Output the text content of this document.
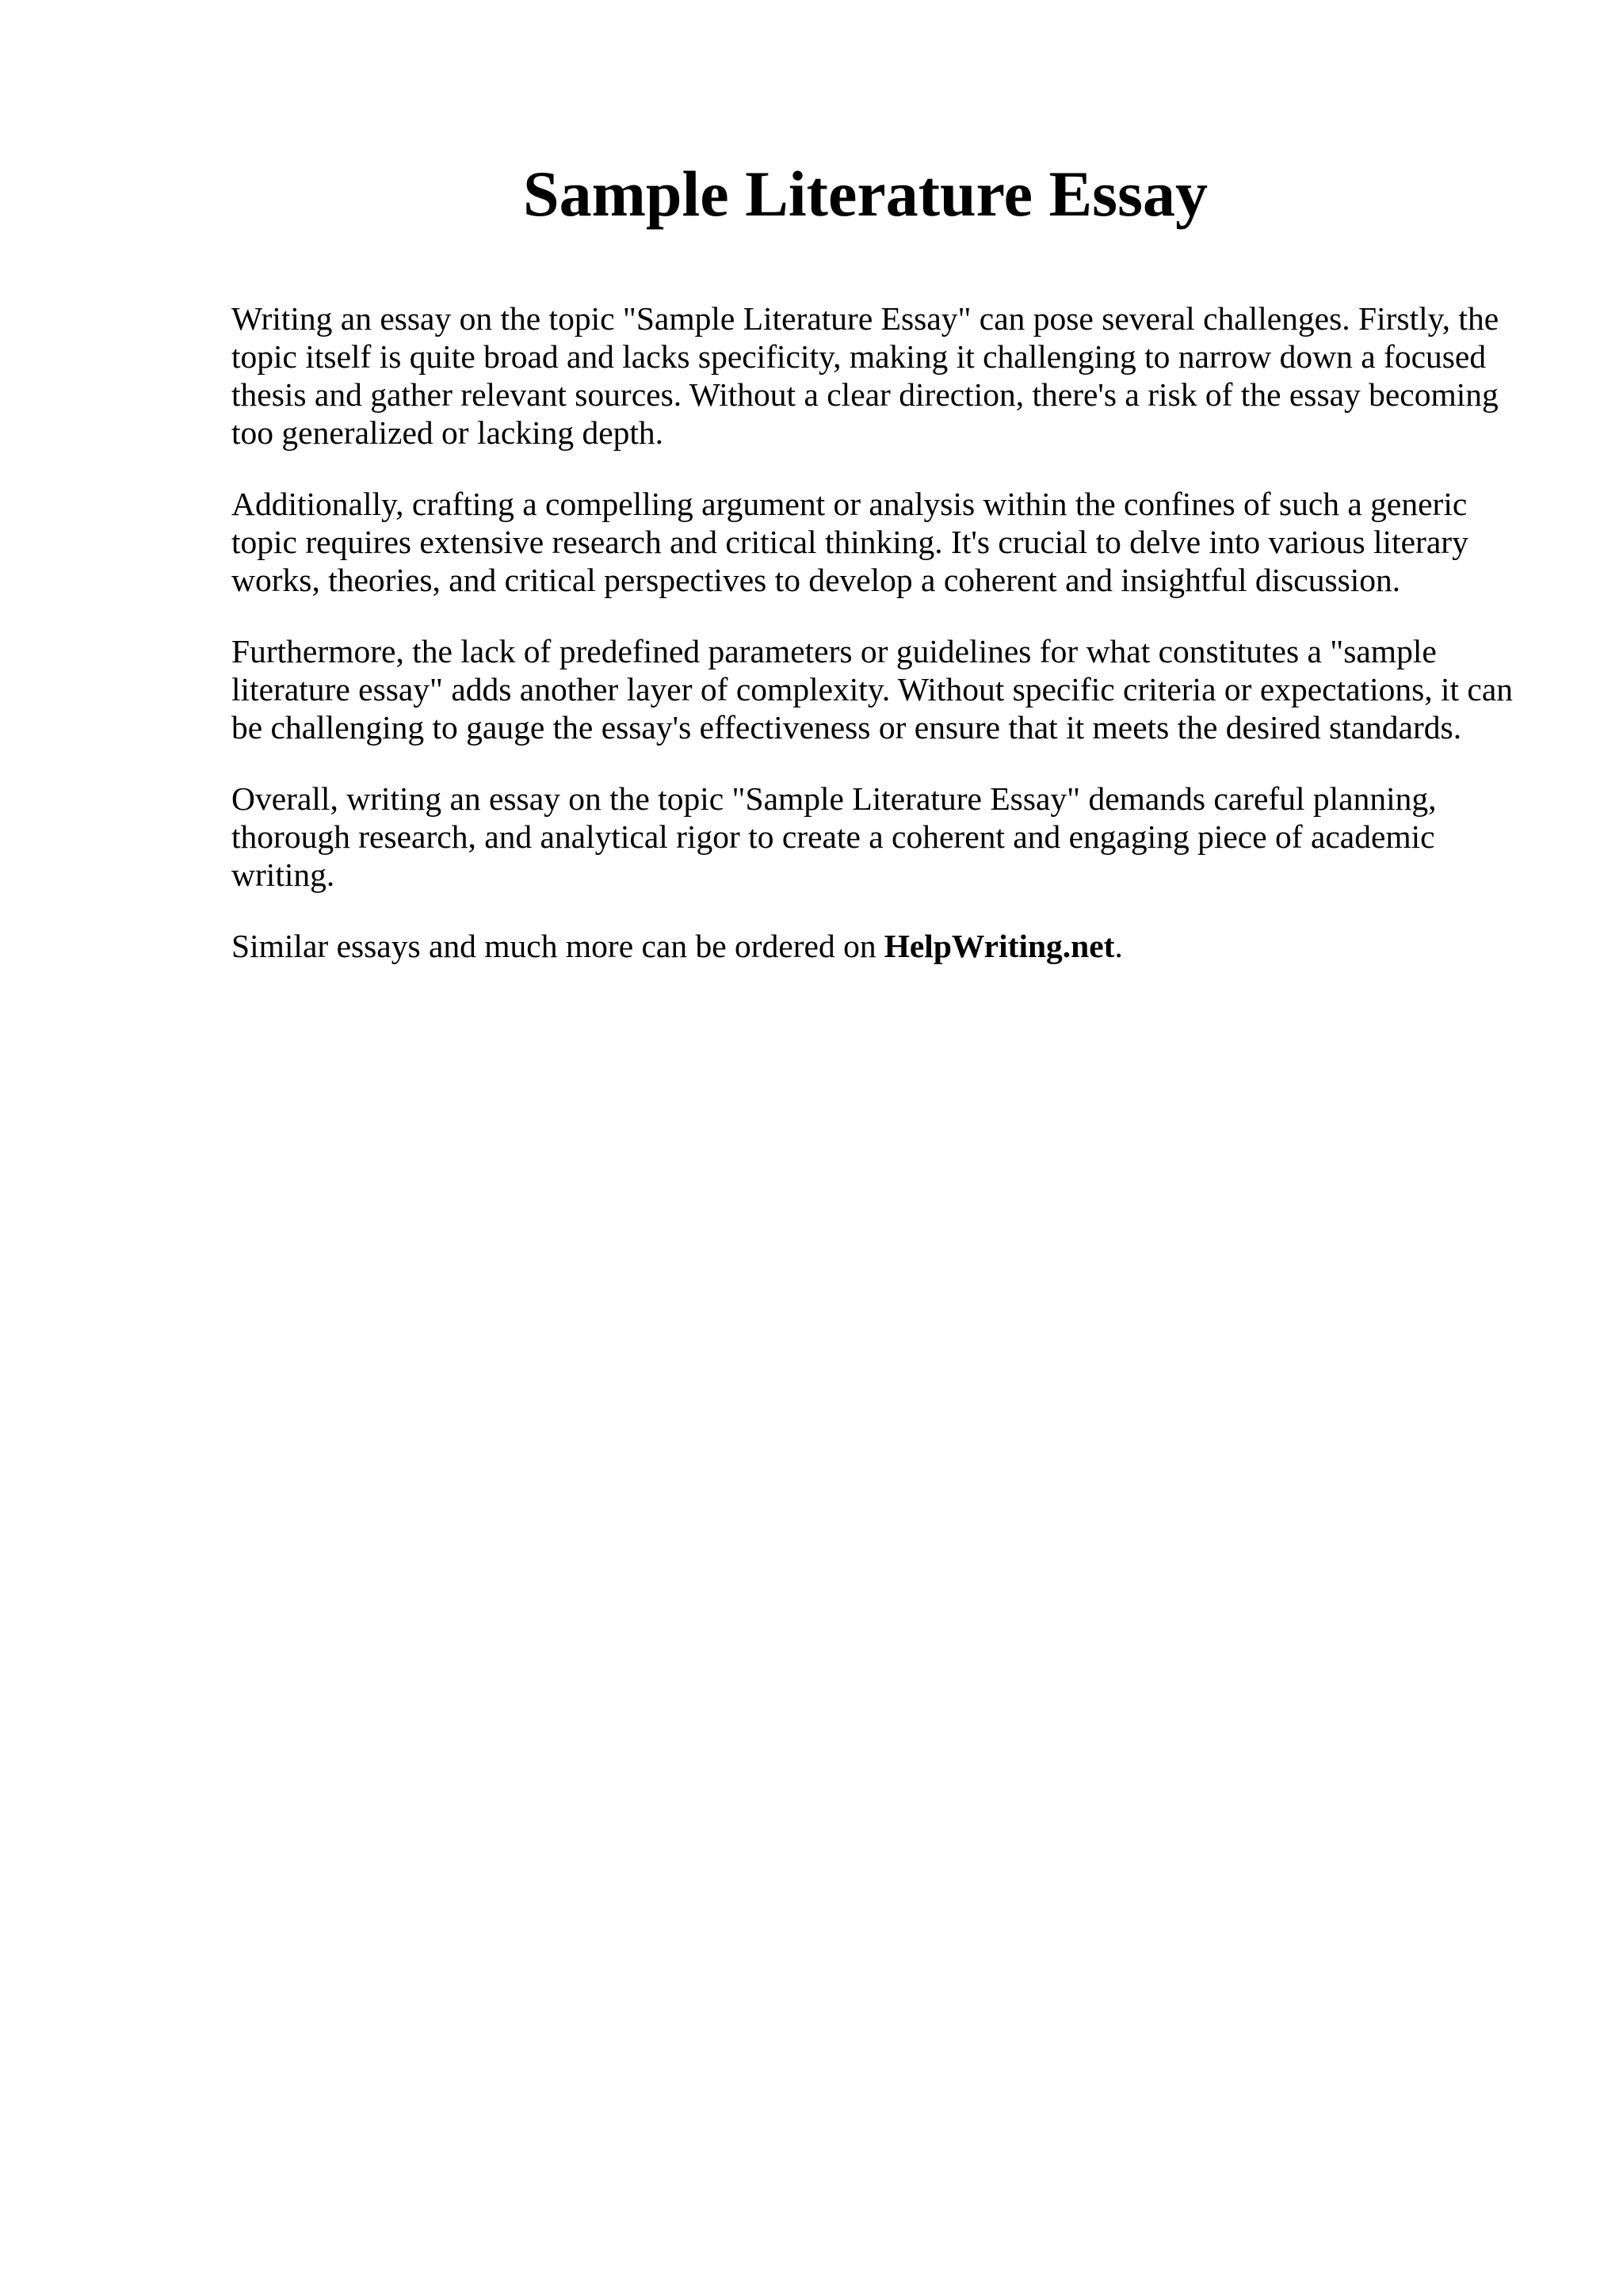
Sample Literature Essay

Writing an essay on the topic "Sample Literature Essay" can pose several challenges. Firstly, the
topic itself is quite broad and lacks specificity, making it challenging to narrow down a focused
thesis and gather relevant sources. Without a clear direction, there's a risk of the essay becoming
too generalized or lacking depth.

Additionally, crafting a compelling argument or analysis within the confines of such a generic
topic requires extensive research and critical thinking. It's crucial to delve into various literary
works, theories, and critical perspectives to develop a coherent and insightful discussion.

Furthermore, the lack of predefined parameters or guidelines for what constitutes a "sample
literature essay" adds another layer of complexity. Without specific criteria or expectations, it can
be challenging to gauge the essay's effectiveness or ensure that it meets the desired standards.

Overall, writing an essay on the topic "Sample Literature Essay" demands careful planning,
thorough research, and analytical rigor to create a coherent and engaging piece of academic
writing.

Similar essays and much more can be ordered on HelpWriting.net.
